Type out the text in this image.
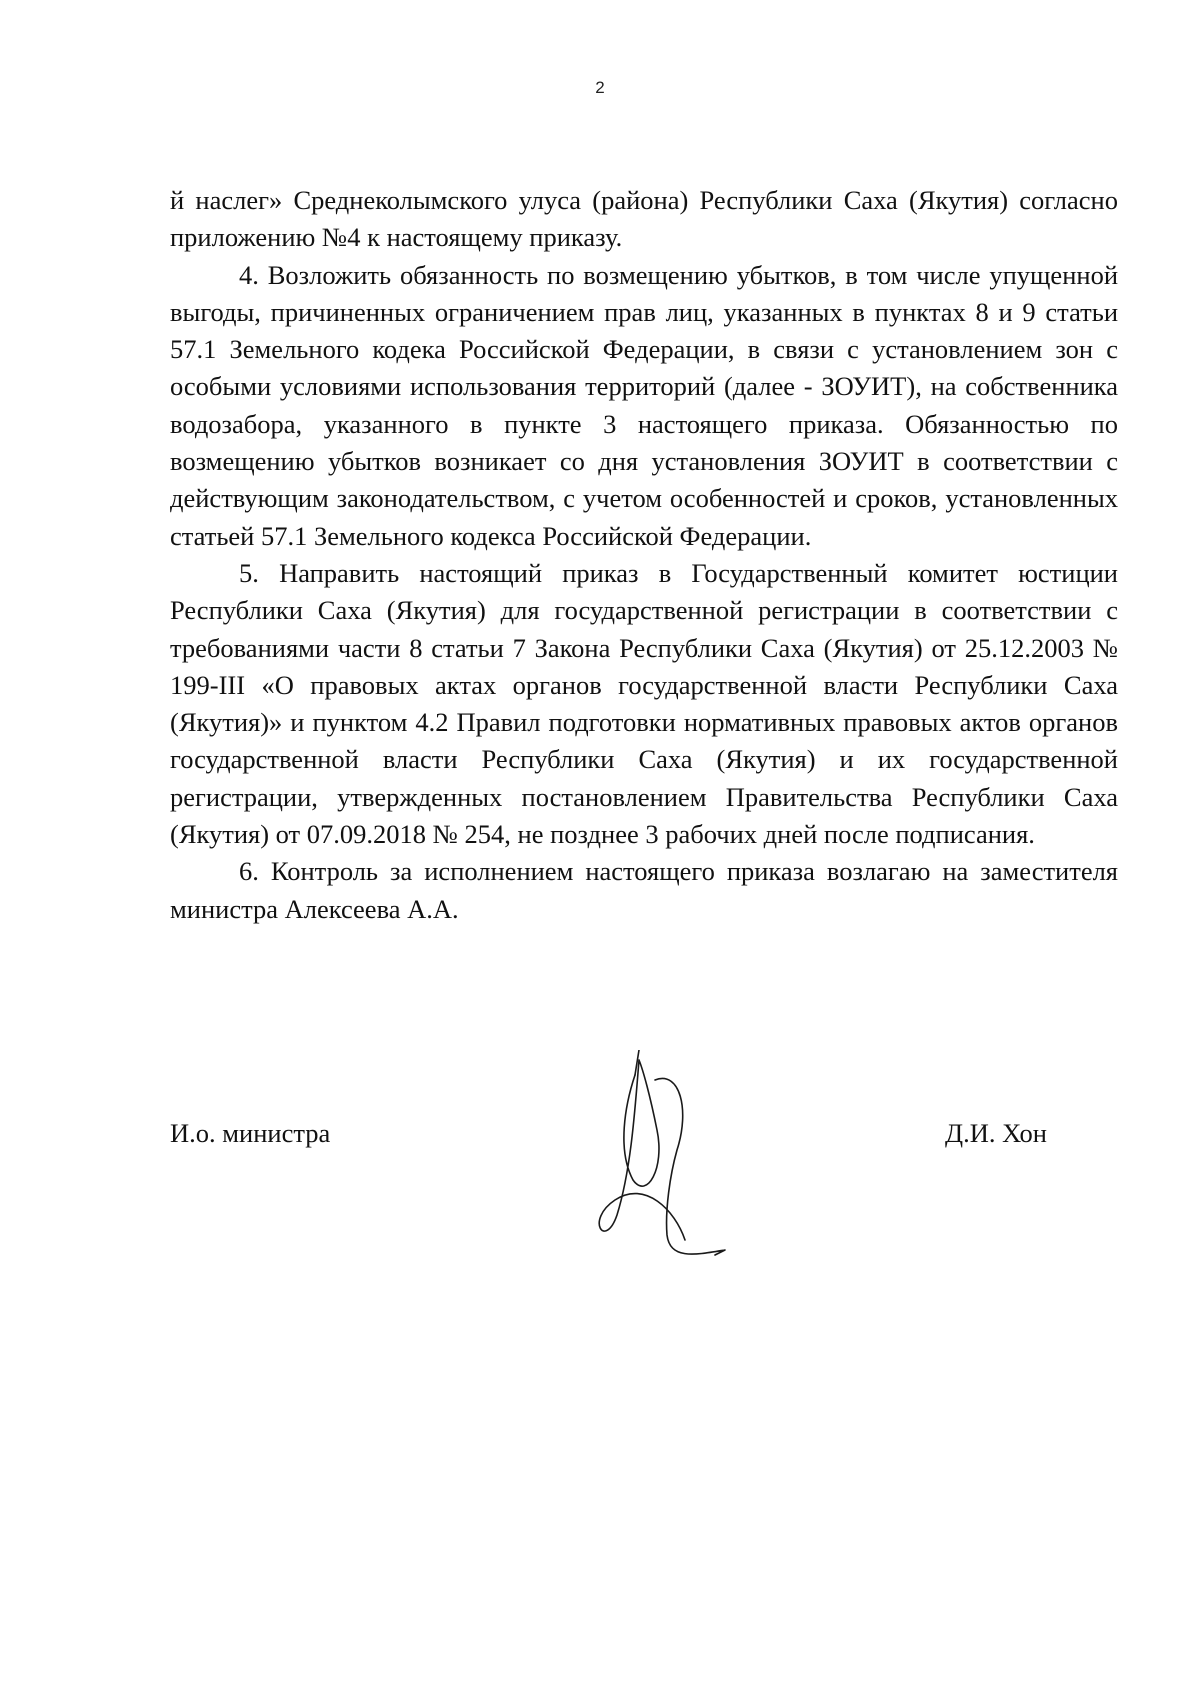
2

й наслег» Среднеколымского улуса (района) Республики Саха (Якутия) согласно приложению №4 к настоящему приказу.

4. Возложить обязанность по возмещению убытков, в том числе упущенной выгоды, причиненных ограничением прав лиц, указанных в пунктах 8 и 9 статьи 57.1 Земельного кодека Российской Федерации, в связи с установлением зон с особыми условиями использования территорий (далее - ЗОУИТ), на собственника водозабора, указанного в пункте 3 настоящего приказа. Обязанностью по возмещению убытков возникает со дня установления ЗОУИТ в соответствии с действующим законодательством, с учетом особенностей и сроков, установленных статьей 57.1 Земельного кодекса Российской Федерации.

5. Направить настоящий приказ в Государственный комитет юстиции Республики Саха (Якутия) для государственной регистрации в соответствии с требованиями части 8 статьи 7 Закона Республики Саха (Якутия) от 25.12.2003 № 199-III «О правовых актах органов государственной власти Республики Саха (Якутия)» и пунктом 4.2 Правил подготовки нормативных правовых актов органов государственной власти Республики Саха (Якутия) и их государственной регистрации, утвержденных постановлением Правительства Республики Саха (Якутия) от 07.09.2018 № 254, не позднее 3 рабочих дней после подписания.

6. Контроль за исполнением настоящего приказа возлагаю на заместителя министра Алексеева А.А.

И.о. министра	Д.И. Хон
